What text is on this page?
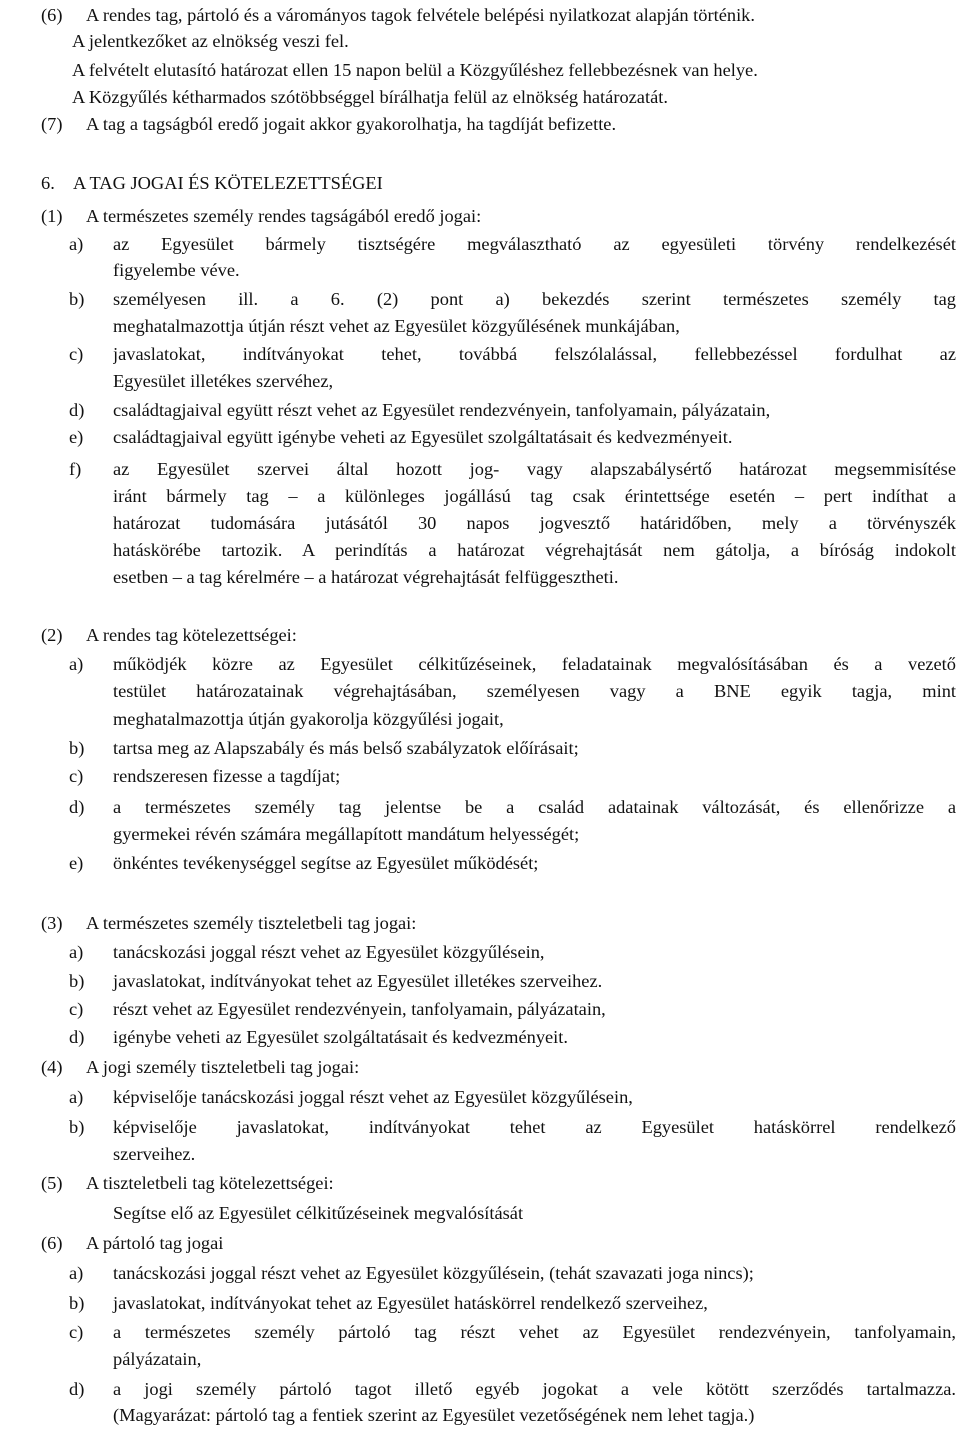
(6) A rendes tag, pártoló és a várományos tagok felvétele belépési nyilatkozat alapján történik.
A jelentkezőket az elnökség veszi fel.
A felvételt elutasító határozat ellen 15 napon belül a Közgyűléshez fellebbezésnek van helye.
A Közgyűlés kétharmados szótöbbséggel bírálhatja felül az elnökség határozatát.
(7) A tag a tagságból eredő jogait akkor gyakorolhatja, ha tagdíját befizette.
6. A TAG JOGAI ÉS KÖTELEZETTSÉGEI
(1) A természetes személy rendes tagságából eredő jogai:
a) az Egyesület bármely tisztségére megválasztható az egyesületi törvény rendelkezését
figyelembe véve.
b) személyesen ill. a 6. (2) pont a) bekezdés szerint természetes személy tag
meghatalmazottja útján részt vehet az Egyesület közgyűlésének munkájában,
c) javaslatokat, indítványokat tehet, továbbá felszólalással, fellebbezéssel fordulhat az
Egyesület illetékes szervéhez,
d) családtagjaival együtt részt vehet az Egyesület rendezvényein, tanfolyamain, pályázatain,
e) családtagjaival együtt igénybe veheti az Egyesület szolgáltatásait és kedvezményeit.
f) az Egyesület szervei által hozott jog- vagy alapszabálysértő határozat megsemmisítése
iránt bármely tag – a különleges jogállású tag csak érintettsége esetén – pert indíthat a
határozat tudomására jutásától 30 napos jogvesztő határidőben, mely a törvényszék
hatáskörébe tartozik. A perindítás a határozat végrehajtását nem gátolja, a bíróság indokolt
esetben – a tag kérelmére – a határozat végrehajtását felfüggesztheti.
(2) A rendes tag kötelezettségei:
a) működjék közre az Egyesület célkitűzéseinek, feladatainak megvalósításában és a vezető
testület határozatainak végrehajtásában, személyesen vagy a BNE egyik tagja, mint
meghatalmazottja útján gyakorolja közgyűlési jogait,
b) tartsa meg az Alapszabály és más belső szabályzatok előírásait;
c) rendszeresen fizesse a tagdíjat;
d) a természetes személy tag jelentse be a család adatainak változását, és ellenőrizze a
gyermekei révén számára megállapított mandátum helyességét;
e) önkéntes tevékenységgel segítse az Egyesület működését;
(3) A természetes személy tiszteletbeli tag jogai:
a) tanácskozási joggal részt vehet az Egyesület közgyűlésein,
b) javaslatokat, indítványokat tehet az Egyesület illetékes szerveihez.
c) részt vehet az Egyesület rendezvényein, tanfolyamain, pályázatain,
d) igénybe veheti az Egyesület szolgáltatásait és kedvezményeit.
(4) A jogi személy tiszteletbeli tag jogai:
a) képviselője tanácskozási joggal részt vehet az Egyesület közgyűlésein,
b) képviselője javaslatokat, indítványokat tehet az Egyesület hatáskörrel rendelkező
szerveihez.
(5) A tiszteletbeli tag kötelezettségei:
Segítse elő az Egyesület célkitűzéseinek megvalósítását
(6) A pártoló tag jogai
a) tanácskozási joggal részt vehet az Egyesület közgyűlésein, (tehát szavazati joga nincs);
b) javaslatokat, indítványokat tehet az Egyesület hatáskörrel rendelkező szerveihez,
c) a természetes személy pártoló tag részt vehet az Egyesület rendezvényein, tanfolyamain,
pályázatain,
d) a jogi személy pártoló tagot illető egyéb jogokat a vele kötött szerződés tartalmazza.
(Magyarázat: pártoló tag a fentiek szerint az Egyesület vezetőségének nem lehet tagja.)
